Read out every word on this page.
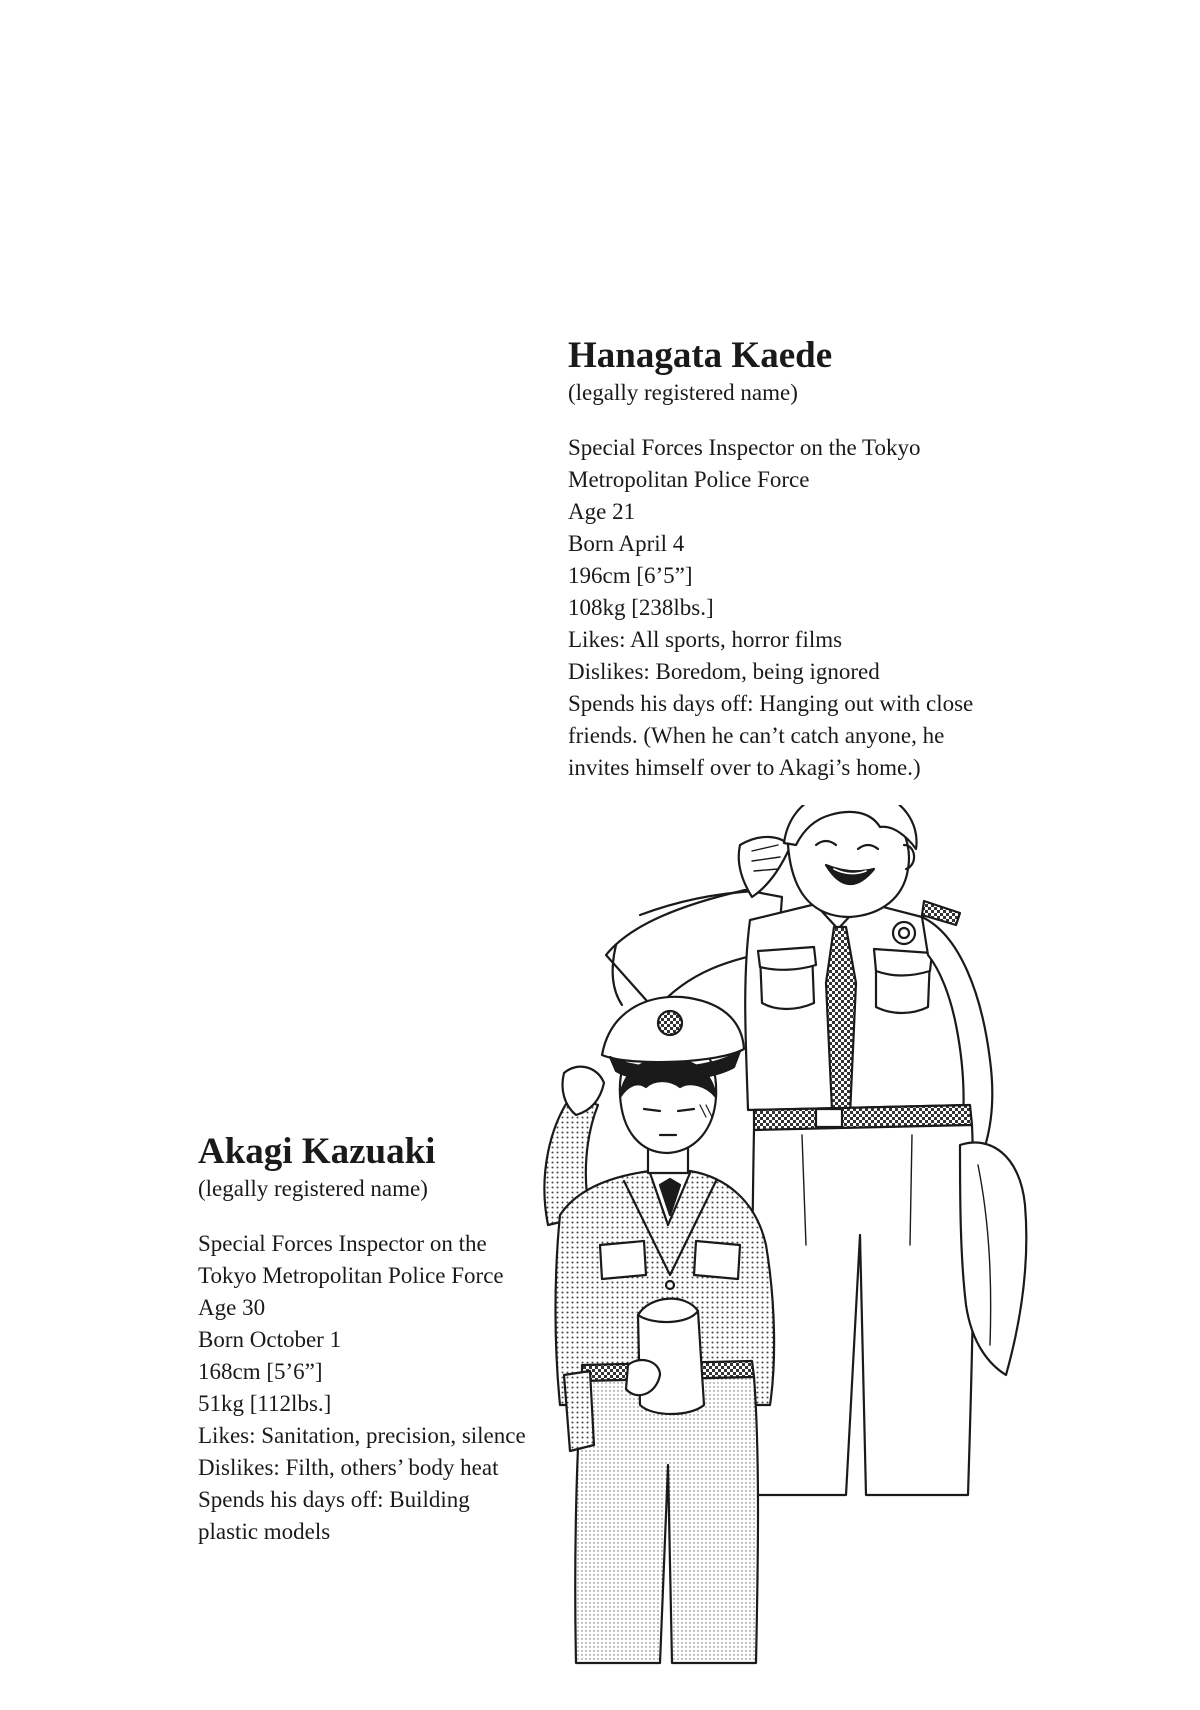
Hanagata Kaede

(legally registered name)

Special Forces Inspector on the Tokyo
Metropolitan Police Force
Age 21
Born April 4
196cm [6’5”]
108kg [238lbs.]
Likes: All sports, horror films
Dislikes: Boredom, being ignored
Spends his days off: Hanging out with close
friends. (When he can’t catch anyone, he
invites himself over to Akagi’s home.)
Akagi Kazuaki

(legally registered name)

Special Forces Inspector on the
Tokyo Metropolitan Police Force
Age 30
Born October 1
168cm [5’6”]
51kg [112lbs.]
Likes: Sanitation, precision, silence
Dislikes: Filth, others’ body heat
Spends his days off: Building
plastic models
